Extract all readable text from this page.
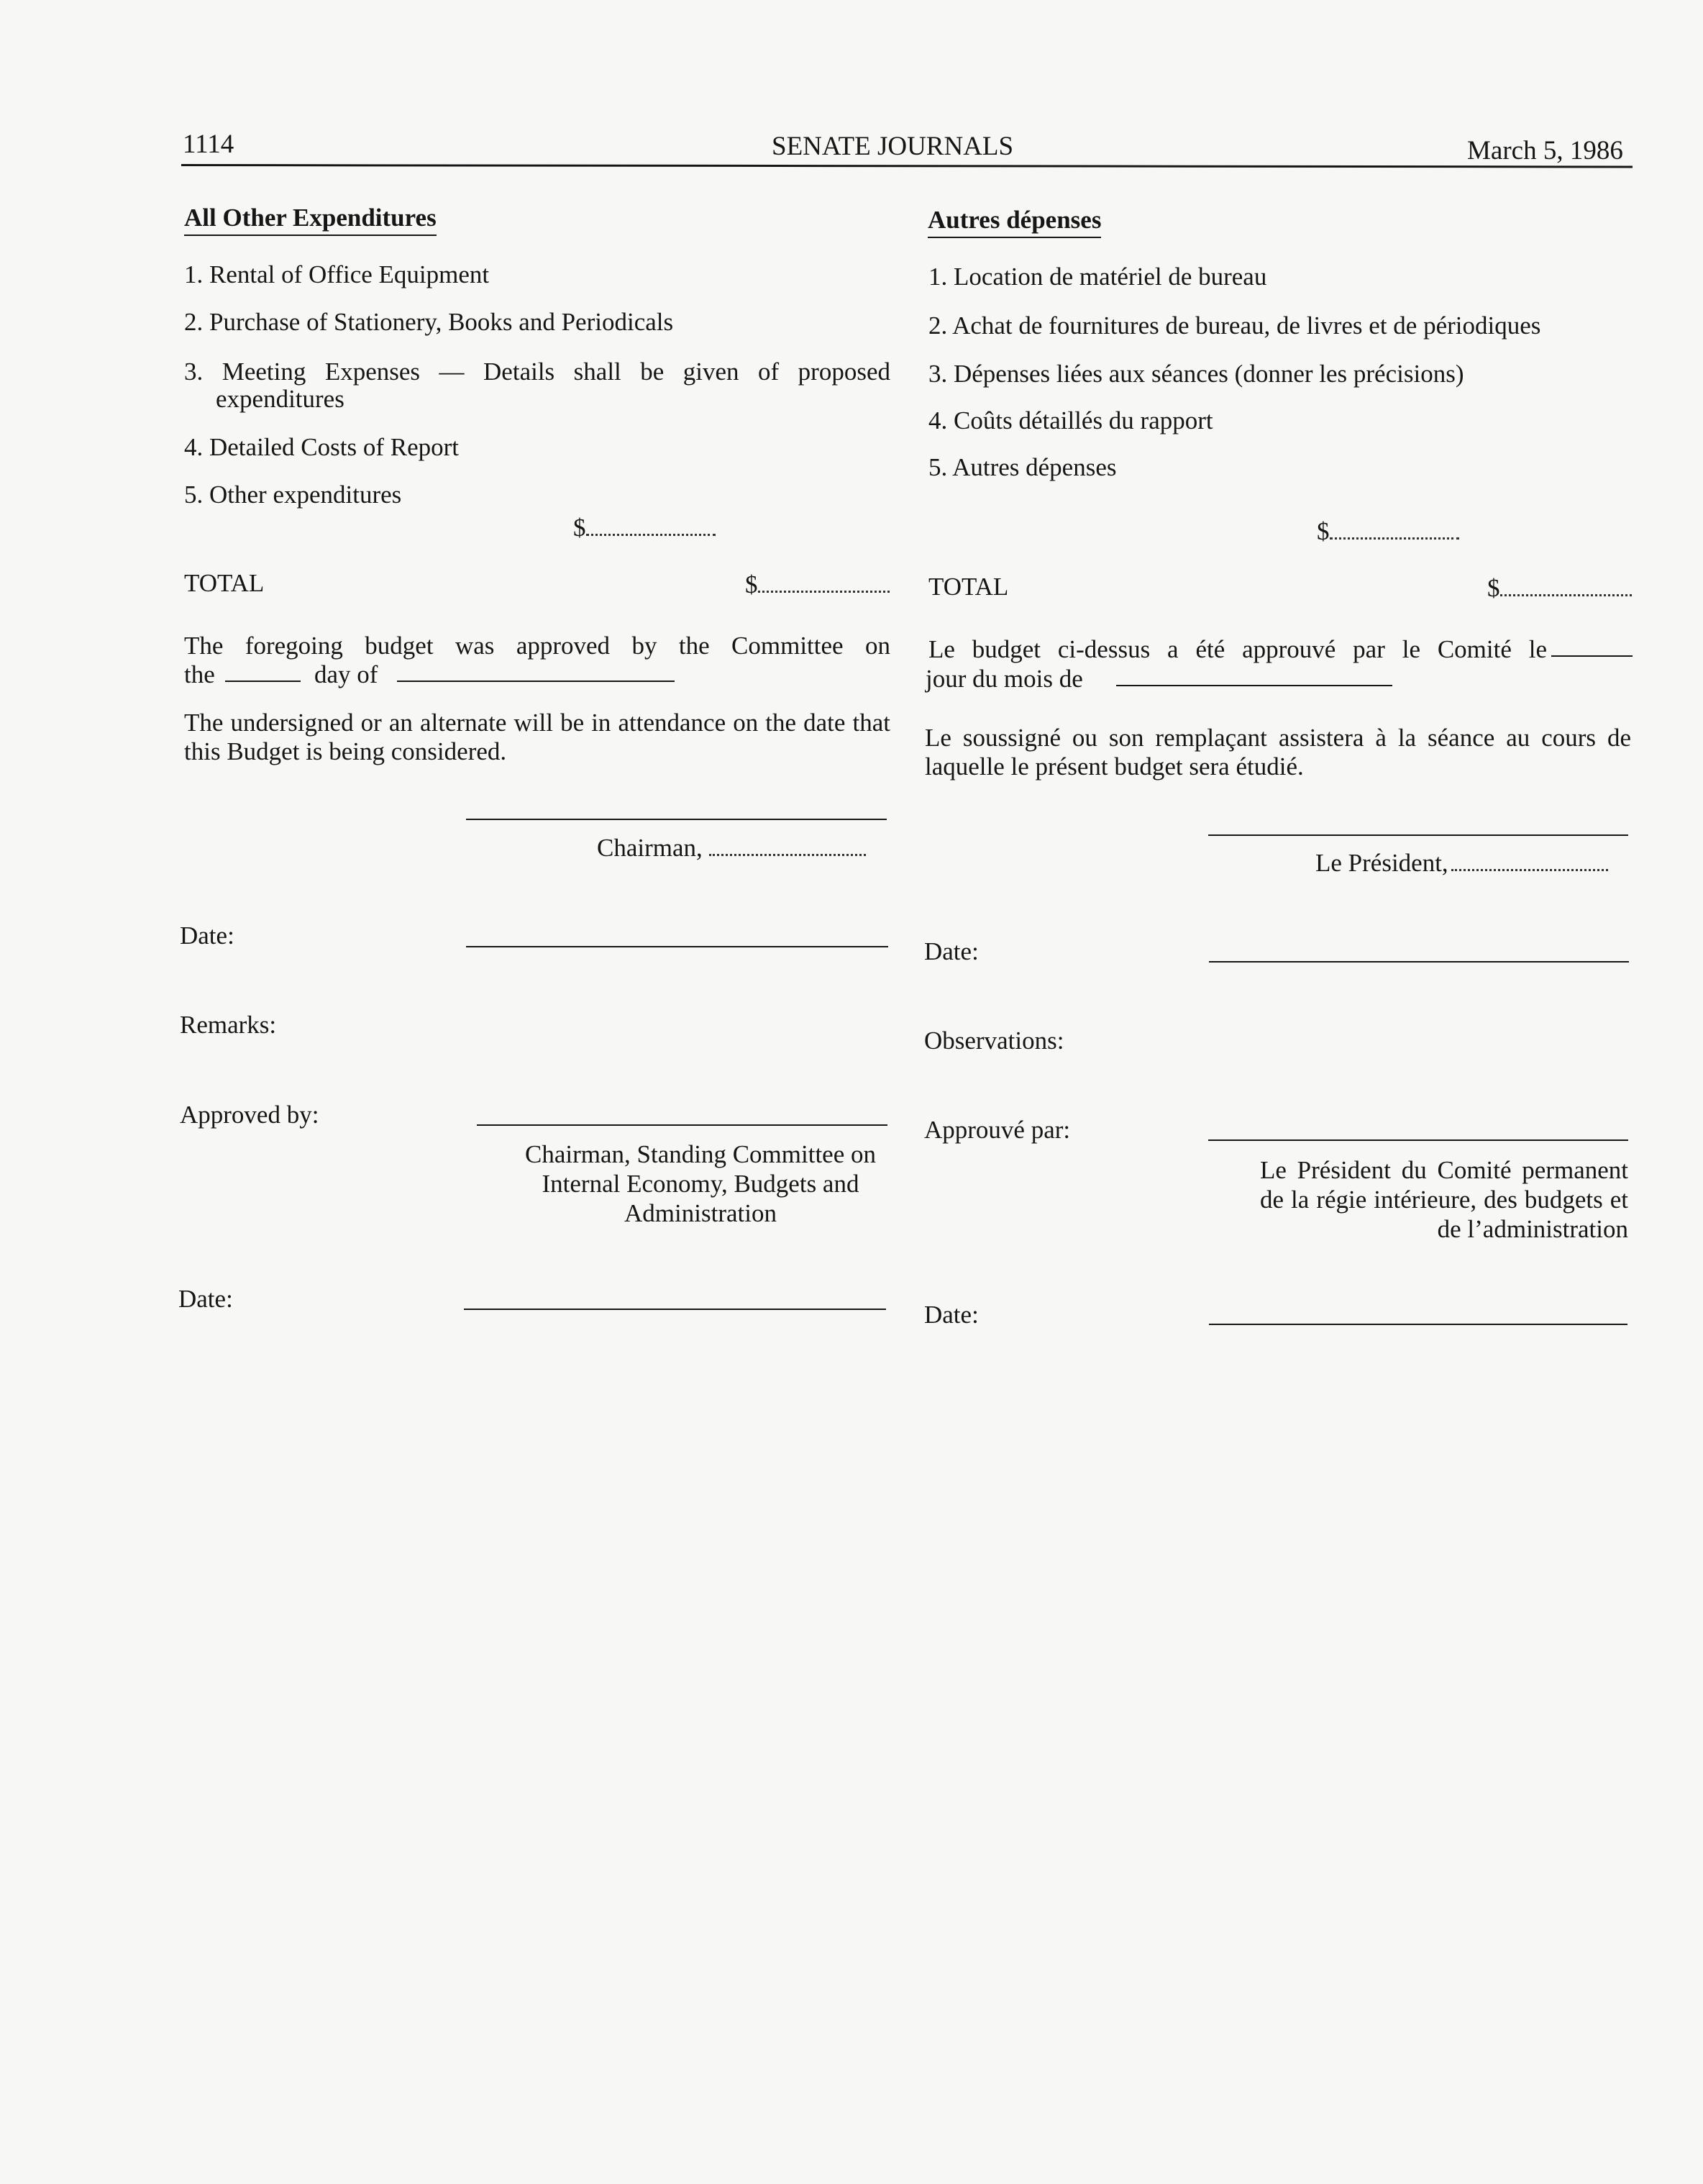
1114	SENATE JOURNALS	March 5, 1986
All Other Expenditures
1. Rental of Office Equipment
2. Purchase of Stationery, Books and Periodicals
3. Meeting Expenses — Details shall be given of proposed
expenditures
4. Detailed Costs of Report
5. Other expenditures
$
TOTAL	$
The foregoing budget was approved by the Committee on
the	day of
The undersigned or an alternate will be in attendance on the date that this Budget is being considered.
Chairman,
Date:
Remarks:
Approved by:
Chairman, Standing Committee on Internal Economy, Budgets and Administration
Date:
Autres dépenses
1. Location de matériel de bureau
2. Achat de fournitures de bureau, de livres et de périodiques
3. Dépenses liées aux séances (donner les précisions)
4. Coûts détaillés du rapport
5. Autres dépenses
$
TOTAL	$
Le budget ci-dessus a été approuvé par le Comité le
jour du mois de
Le soussigné ou son remplaçant assistera à la séance au cours de laquelle le présent budget sera étudié.
Le Président,
Date:
Observations:
Approuvé par:
Le Président du Comité permanent de la régie intérieure, des budgets et de l’administration
Date:
